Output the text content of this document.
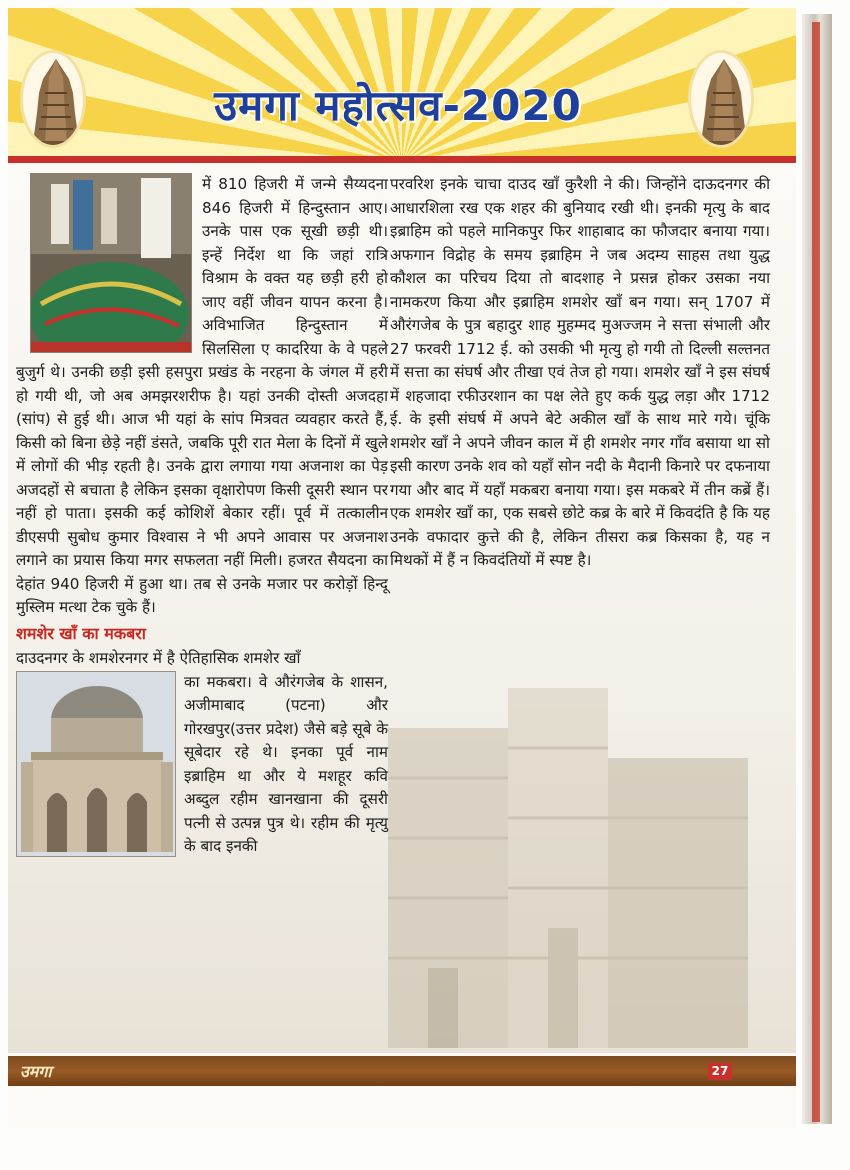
उमगा महोत्सव-2020

में 810 हिजरी में जन्मे सैय्यदना 846 हिजरी में हिन्दुस्तान आए। उनके पास एक सूखी छड़ी थी। इन्हें निर्देश था कि जहां रात्रि विश्राम के वक्त यह छड़ी हरी हो जाए वहीं जीवन यापन करना है। अविभाजित हिन्दुस्तान में सिलसिला ए कादरिया के वे पहले बुजुर्ग थे। उनकी छड़ी इसी हसपुरा प्रखंड के नरहना के जंगल में हरी हो गयी थी, जो अब अमझरशरीफ है। यहां उनकी दोस्ती अजदहा (सांप) से हुई थी। आज भी यहां के सांप मित्रवत व्यवहार करते हैं, किसी को बिना छेड़े नहीं डंसते, जबकि पूरी रात मेला के दिनों में खुले में लोगों की भीड़ रहती है। उनके द्वारा लगाया गया अजनाश का पेड़ अजदहों से बचाता है लेकिन इसका वृक्षारोपण किसी दूसरी स्थान पर नहीं हो पाता। इसकी कई कोशिशें बेकार रहीं। पूर्व में तत्कालीन डीएसपी सुबोध कुमार विश्वास ने भी अपने आवास पर अजनाश लगाने का प्रयास किया मगर सफलता नहीं मिली। हजरत सैयदना का देहांत 940 हिजरी में हुआ था। तब से उनके मजार पर करोड़ों हिन्दू मुस्लिम मत्था टेक चुके हैं।

शमशेर खाँ का मकबरा

दाउदनगर के शमशेरनगर में है ऐतिहासिक शमशेर खाँ

का मकबरा। वे औरंगजेब के शासन, अजीमाबाद (पटना) और गोरखपुर(उत्तर प्रदेश) जैसे बड़े सूबे के सूबेदार रहे थे। इनका पूर्व नाम इब्राहिम था और ये मशहूर कवि अब्दुल रहीम खानखाना की दूसरी पत्नी से उत्पन्न पुत्र थे। रहीम की मृत्यु के बाद इनकी

परवरिश इनके चाचा दाउद खाँ कुरैशी ने की। जिन्होंने दाऊदनगर की आधारशिला रख एक शहर की बुनियाद रखी थी। इनकी मृत्यु के बाद इब्राहिम को पहले मानिकपुर फिर शाहाबाद का फौजदार बनाया गया। अफगान विद्रोह के समय इब्राहिम ने जब अदम्य साहस तथा युद्ध कौशल का परिचय दिया तो बादशाह ने प्रसन्न होकर उसका नया नामकरण किया और इब्राहिम शमशेर खाँ बन गया। सन् 1707 में औरंगजेब के पुत्र बहादुर शाह मुहम्मद मुअज्जम ने सत्ता संभाली और 27 फरवरी 1712 ई. को उसकी भी मृत्यु हो गयी तो दिल्ली सल्तनत में सत्ता का संघर्ष और तीखा एवं तेज हो गया। शमशेर खाँ ने इस संघर्ष में शहजादा रफीउरशान का पक्ष लेते हुए कर्क युद्ध लड़ा और 1712 ई. के इसी संघर्ष में अपने बेटे अकील खाँ के साथ मारे गये। चूंकि शमशेर खाँ ने अपने जीवन काल में ही शमशेर नगर गाँव बसाया था सो इसी कारण उनके शव को यहाँ सोन नदी के मैदानी किनारे पर दफनाया गया और बाद में यहाँ मकबरा बनाया गया। इस मकबरे में तीन कब्रें हैं। एक शमशेर खाँ का, एक सबसे छोटे कब्र के बारे में किवदंति है कि यह उनके वफादार कुत्ते की है, लेकिन तीसरा कब्र किसका है, यह न मिथकों में हैं न किवदंतियों में स्पष्ट है।

उमगा	27
